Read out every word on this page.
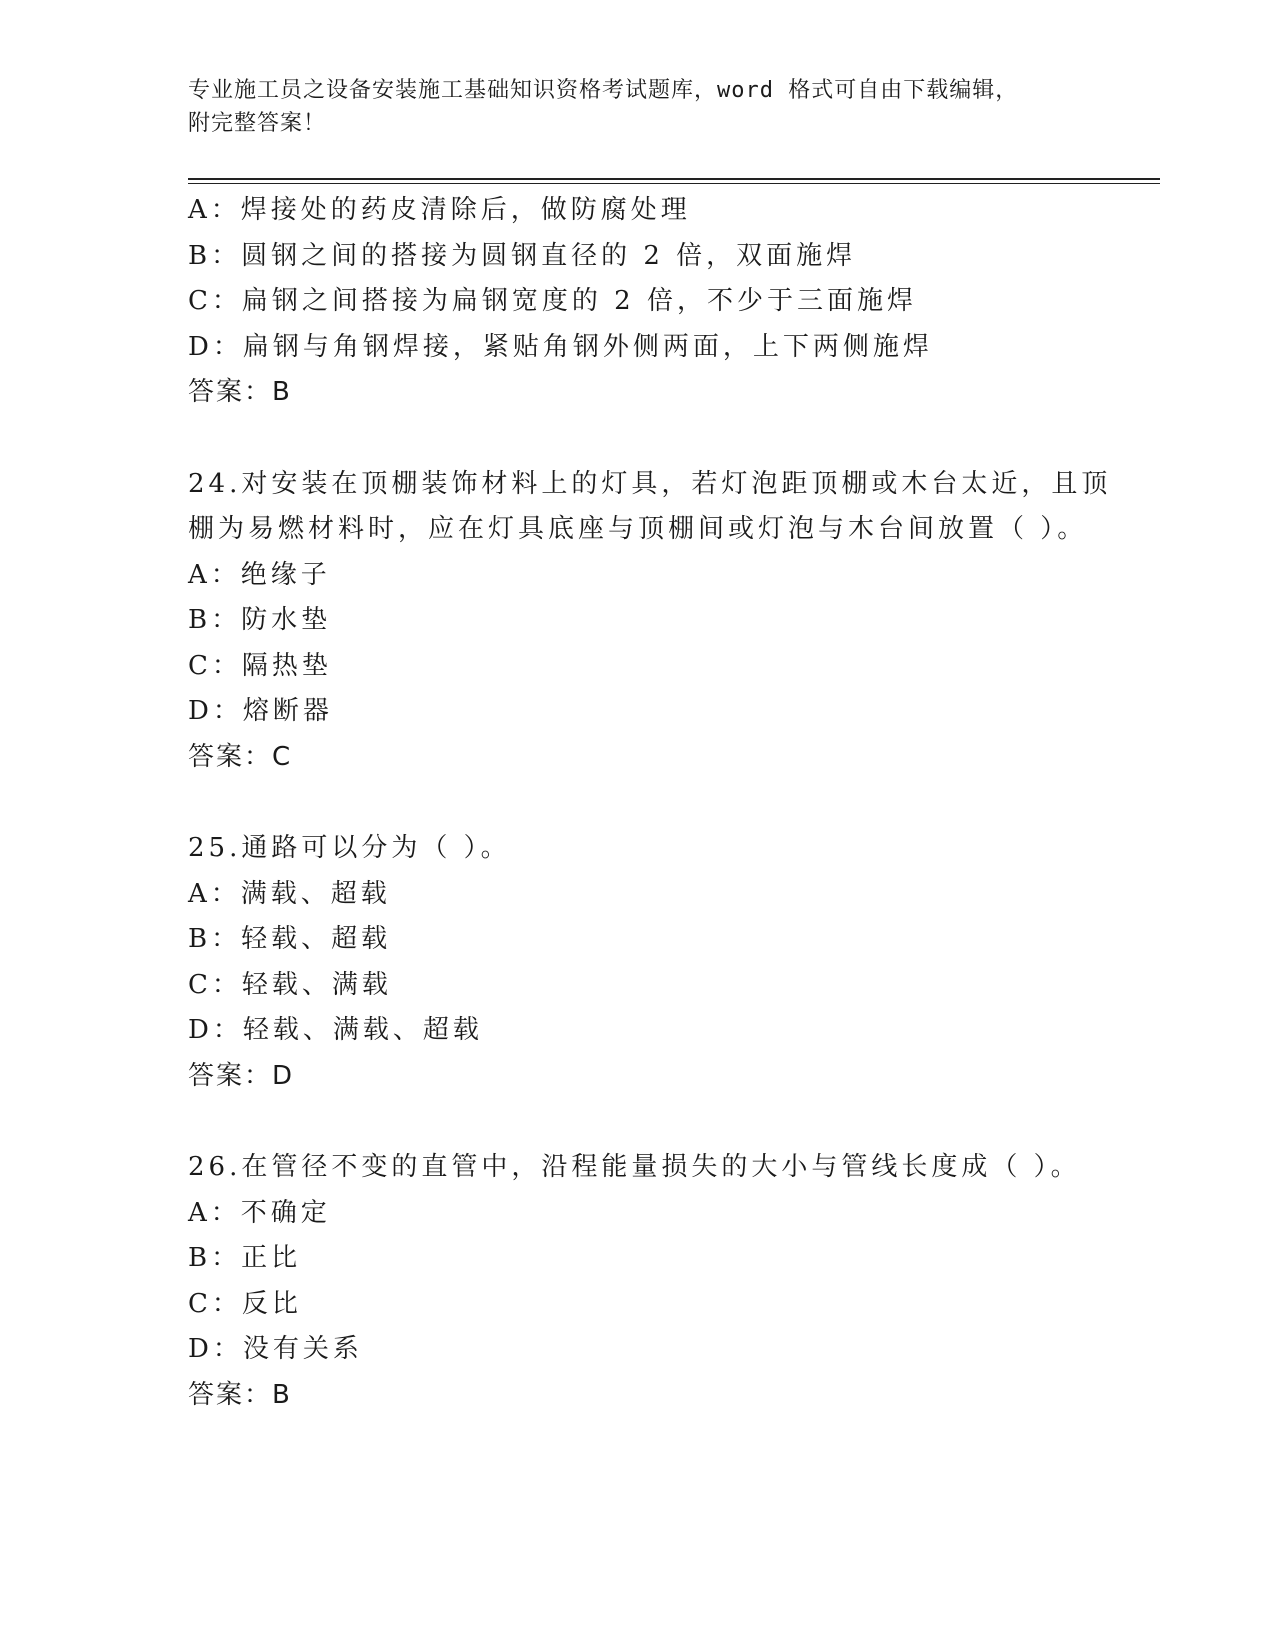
专业施工员之设备安装施工基础知识资格考试题库，word 格式可自由下载编辑，
附完整答案！
A：焊接处的药皮清除后，做防腐处理
B：圆钢之间的搭接为圆钢直径的 2 倍，双面施焊
C：扁钢之间搭接为扁钢宽度的 2 倍，不少于三面施焊
D：扁钢与角钢焊接，紧贴角钢外侧两面，上下两侧施焊
答案：B
24.对安装在顶棚装饰材料上的灯具，若灯泡距顶棚或木台太近，且顶
棚为易燃材料时，应在灯具底座与顶棚间或灯泡与木台间放置（ ）。
A：绝缘子
B：防水垫
C：隔热垫
D：熔断器
答案：C
25.通路可以分为（ ）。
A：满载、超载
B：轻载、超载
C：轻载、满载
D：轻载、满载、超载
答案：D
26.在管径不变的直管中，沿程能量损失的大小与管线长度成（ ）。
A：不确定
B：正比
C：反比
D：没有关系
答案：B
